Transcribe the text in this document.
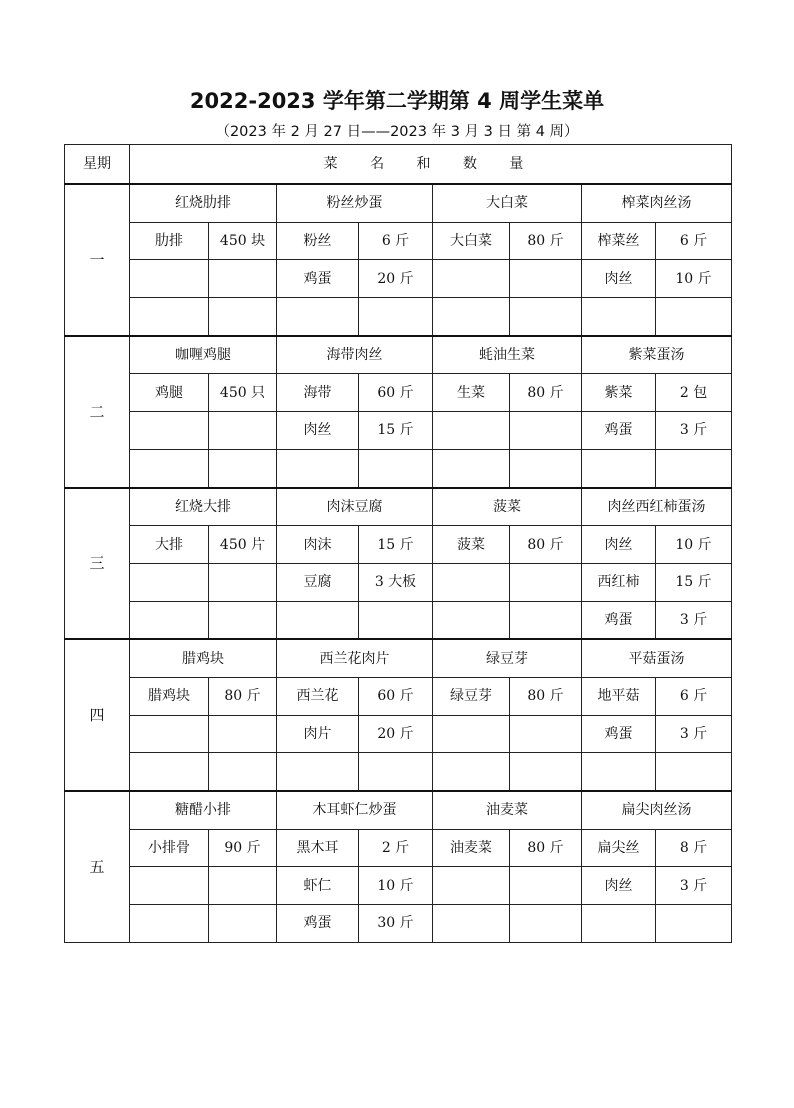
2022-2023 学年第二学期第 4 周学生菜单
（2023 年 2 月 27 日——2023 年 3 月 3 日 第 4 周）
星期	菜 名 和 数 量							
一	红烧肋排		粉丝炒蛋		大白菜		榨菜肉丝汤	
	肋排	450 块	粉丝	6 斤	大白菜	80 斤	榨菜丝	6 斤
			鸡蛋	20 斤			肉丝	10 斤

二	咖喱鸡腿		海带肉丝		蚝油生菜		紫菜蛋汤	
	鸡腿	450 只	海带	60 斤	生菜	80 斤	紫菜	2 包
			肉丝	15 斤			鸡蛋	3 斤

三	红烧大排		肉沫豆腐		菠菜		肉丝西红柿蛋汤	
	大排	450 片	肉沫	15 斤	菠菜	80 斤	肉丝	10 斤
			豆腐	3 大板			西红柿	15 斤
							鸡蛋	3 斤
四	腊鸡块		西兰花肉片		绿豆芽		平菇蛋汤	
	腊鸡块	80 斤	西兰花	60 斤	绿豆芽	80 斤	地平菇	6 斤
			肉片	20 斤			鸡蛋	3 斤

五	糖醋小排		木耳虾仁炒蛋		油麦菜		扁尖肉丝汤	
	小排骨	90 斤	黑木耳	2 斤	油麦菜	80 斤	扁尖丝	8 斤
			虾仁	10 斤			肉丝	3 斤
			鸡蛋	30 斤				
